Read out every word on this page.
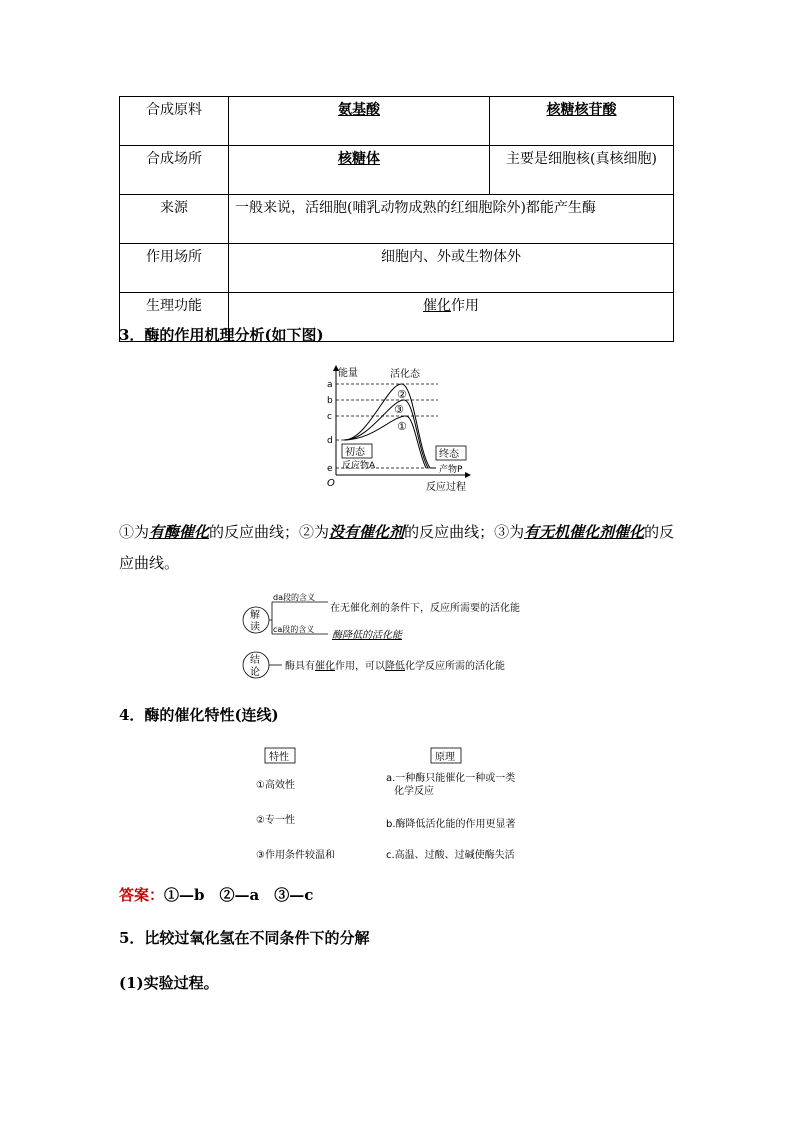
合成原料	氨基酸	核糖核苷酸
合成场所	核糖体	主要是细胞核(真核细胞)
来源	一般来说，活细胞(哺乳动物成熟的红细胞除外)都能产生酶	
作用场所	细胞内、外或生物体外	
生理功能	催化作用	
3．酶的作用机理分析(如下图)
能量
反应过程
O
a
b
c
d
e
活化态
①
②
③
初态
反应物A
终态
产物P
①为有酶催化的反应曲线；②为没有催化剂的反应曲线；③为有无机催化剂催化的反应曲线。
解
读
da段的含义
在无催化剂的条件下，反应所需要的活化能
ca段的含义
酶降低的活化能
结
论
酶具有催化作用，可以降低化学反应所需的活化能
4．酶的催化特性(连线)
特性	原理
①高效性
②专一性
③作用条件较温和
a.一种酶只能催化一种或一类
化学反应
b.酶降低活化能的作用更显著
c.高温、过酸、过碱使酶失活
答案：①—b　②—a　③—c
5．比较过氧化氢在不同条件下的分解
(1)实验过程。
